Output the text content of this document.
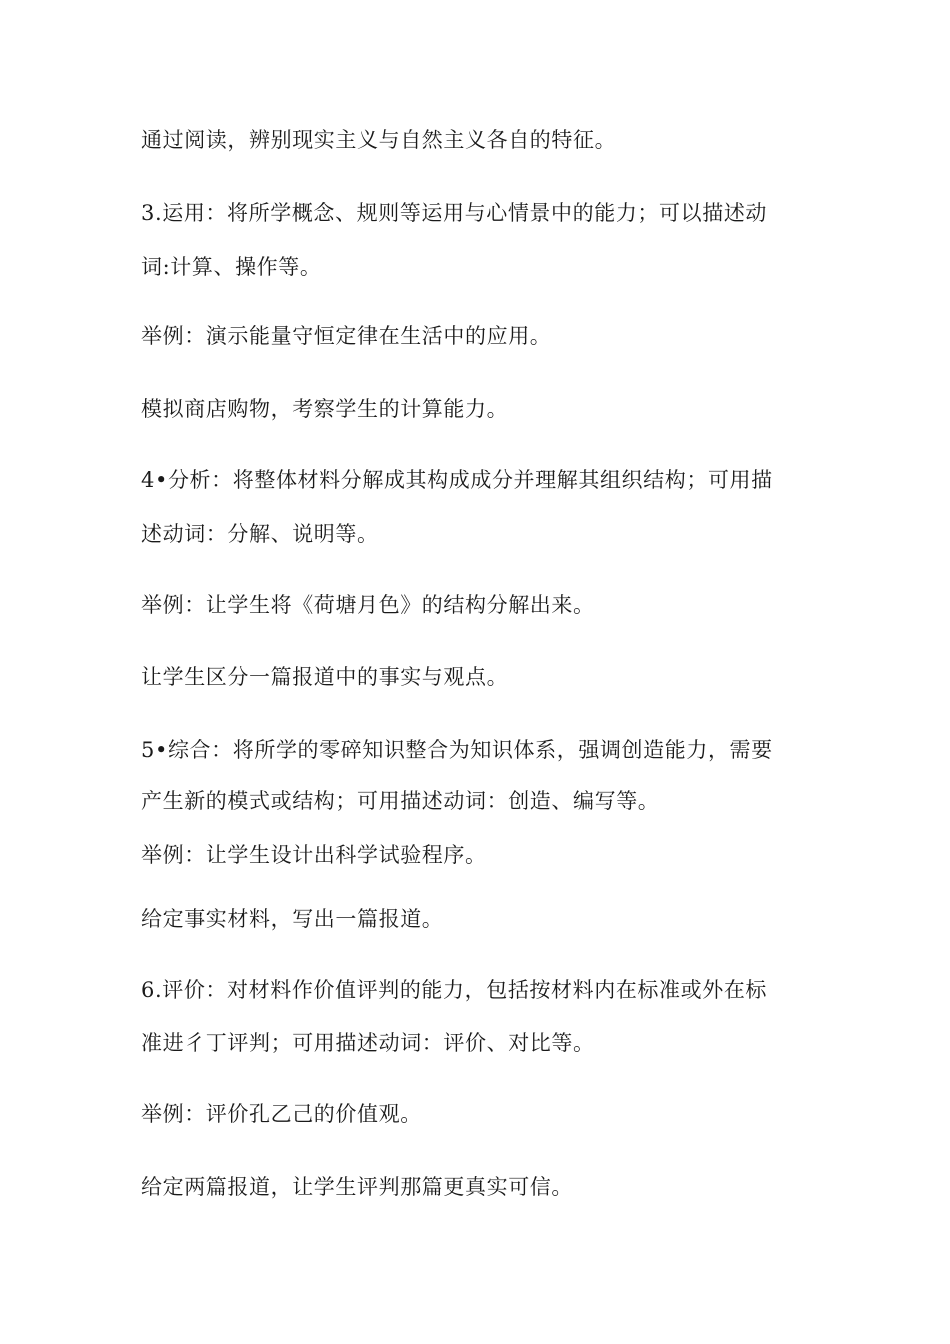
通过阅读，辨别现实主义与自然主义各自的特征。
3.运用：将所学概念、规则等运用与心情景中的能力；可以描述动
词:计算、操作等。
举例：演示能量守恒定律在生活中的应用。
模拟商店购物，考察学生的计算能力。
4•分析：将整体材料分解成其构成成分并理解其组织结构；可用描
述动词：分解、说明等。
举例：让学生将《荷塘月色》的结构分解出来。
让学生区分一篇报道中的事实与观点。
5•综合：将所学的零碎知识整合为知识体系，强调创造能力，需要
产生新的模式或结构；可用描述动词：创造、编写等。
举例：让学生设计出科学试验程序。
给定事实材料，写出一篇报道。
6.评价：对材料作价值评判的能力，包括按材料内在标准或外在标
准进彳丁评判；可用描述动词：评价、对比等。
举例：评价孔乙己的价值观。
给定两篇报道，让学生评判那篇更真实可信。
